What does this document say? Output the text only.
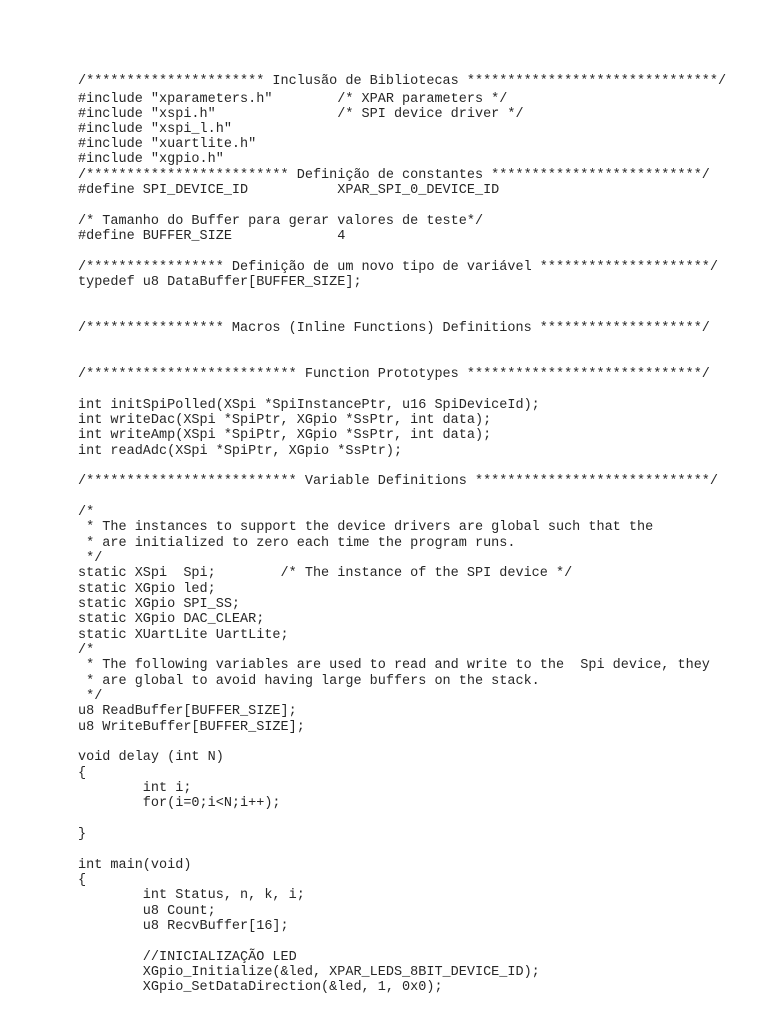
/********************** Inclusão de Bibliotecas *******************************/
#include "xparameters.h"        /* XPAR parameters */
#include "xspi.h"               /* SPI device driver */
#include "xspi_l.h"
#include "xuartlite.h"
#include "xgpio.h"
/************************* Definição de constantes **************************/
#define SPI_DEVICE_ID           XPAR_SPI_0_DEVICE_ID
/* Tamanho do Buffer para gerar valores de teste*/
#define BUFFER_SIZE             4
/***************** Definição de um novo tipo de variável *********************/
typedef u8 DataBuffer[BUFFER_SIZE];
/***************** Macros (Inline Functions) Definitions ********************/
/************************** Function Prototypes *****************************/
int initSpiPolled(XSpi *SpiInstancePtr, u16 SpiDeviceId);
int writeDac(XSpi *SpiPtr, XGpio *SsPtr, int data);
int writeAmp(XSpi *SpiPtr, XGpio *SsPtr, int data);
int readAdc(XSpi *SpiPtr, XGpio *SsPtr);
/************************** Variable Definitions *****************************/
/*
* The instances to support the device drivers are global such that the
* are initialized to zero each time the program runs.
*/
static XSpi  Spi;        /* The instance of the SPI device */
static XGpio led;
static XGpio SPI_SS;
static XGpio DAC_CLEAR;
static XUartLite UartLite;
/*
* The following variables are used to read and write to the  Spi device, they
* are global to avoid having large buffers on the stack.
*/
u8 ReadBuffer[BUFFER_SIZE];
u8 WriteBuffer[BUFFER_SIZE];
void delay (int N)
{
int i;
for(i=0;i<N;i++);
}
int main(void)
{
int Status, n, k, i;
u8 Count;
u8 RecvBuffer[16];
//INICIALIZAÇÃO LED
XGpio_Initialize(&led, XPAR_LEDS_8BIT_DEVICE_ID);
XGpio_SetDataDirection(&led, 1, 0x0);
